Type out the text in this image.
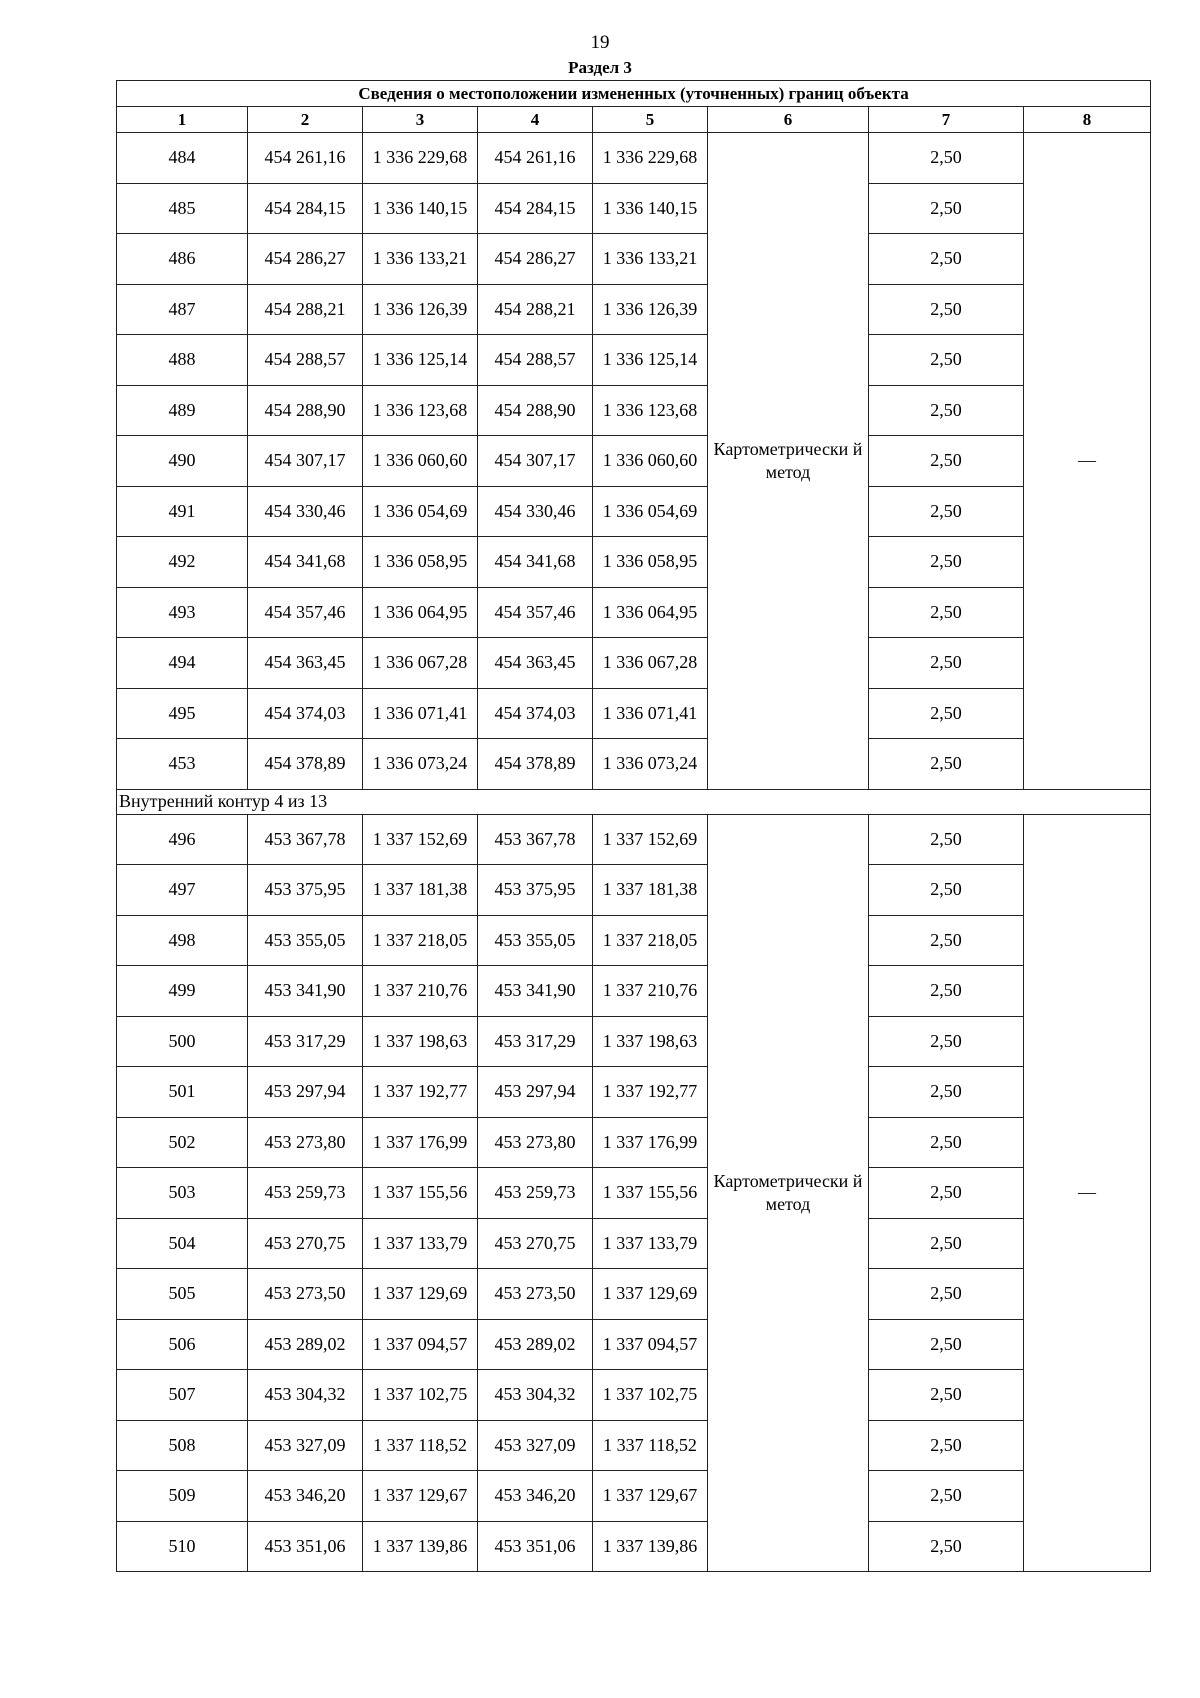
19
Раздел 3
Сведения о местоположении измененных (уточненных) границ объекта							
1	2	3	4	5	6	7	8
484	454 261,16	1 336 229,68	454 261,16	1 336 229,68	Картометрически й метод	2,50	—
485	454 284,15	1 336 140,15	454 284,15	1 336 140,15		2,50	
486	454 286,27	1 336 133,21	454 286,27	1 336 133,21		2,50	
487	454 288,21	1 336 126,39	454 288,21	1 336 126,39		2,50	
488	454 288,57	1 336 125,14	454 288,57	1 336 125,14		2,50	
489	454 288,90	1 336 123,68	454 288,90	1 336 123,68		2,50	
490	454 307,17	1 336 060,60	454 307,17	1 336 060,60		2,50	
491	454 330,46	1 336 054,69	454 330,46	1 336 054,69		2,50	
492	454 341,68	1 336 058,95	454 341,68	1 336 058,95		2,50	
493	454 357,46	1 336 064,95	454 357,46	1 336 064,95		2,50	
494	454 363,45	1 336 067,28	454 363,45	1 336 067,28		2,50	
495	454 374,03	1 336 071,41	454 374,03	1 336 071,41		2,50	
453	454 378,89	1 336 073,24	454 378,89	1 336 073,24		2,50	
Внутренний контур 4 из 13							
496	453 367,78	1 337 152,69	453 367,78	1 337 152,69	Картометрически й метод	2,50	—
497	453 375,95	1 337 181,38	453 375,95	1 337 181,38		2,50	
498	453 355,05	1 337 218,05	453 355,05	1 337 218,05		2,50	
499	453 341,90	1 337 210,76	453 341,90	1 337 210,76		2,50	
500	453 317,29	1 337 198,63	453 317,29	1 337 198,63		2,50	
501	453 297,94	1 337 192,77	453 297,94	1 337 192,77		2,50	
502	453 273,80	1 337 176,99	453 273,80	1 337 176,99		2,50	
503	453 259,73	1 337 155,56	453 259,73	1 337 155,56		2,50	
504	453 270,75	1 337 133,79	453 270,75	1 337 133,79		2,50	
505	453 273,50	1 337 129,69	453 273,50	1 337 129,69		2,50	
506	453 289,02	1 337 094,57	453 289,02	1 337 094,57		2,50	
507	453 304,32	1 337 102,75	453 304,32	1 337 102,75		2,50	
508	453 327,09	1 337 118,52	453 327,09	1 337 118,52		2,50	
509	453 346,20	1 337 129,67	453 346,20	1 337 129,67		2,50	
510	453 351,06	1 337 139,86	453 351,06	1 337 139,86		2,50	
